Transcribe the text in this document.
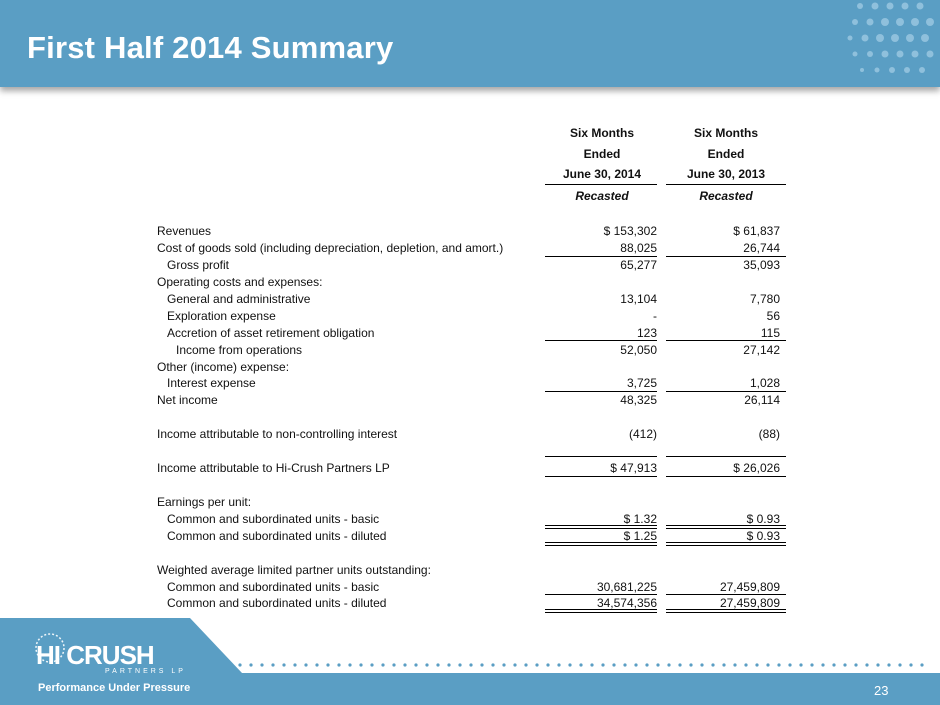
First Half 2014 Summary
Six Months
Ended
June 30, 2014
Recasted
Six Months
Ended
June 30, 2013
Recasted
Revenues	$ 153,302	$ 61,837
Cost of goods sold (including depreciation, depletion, and amort.)	88,025	26,744
Gross profit	65,277	35,093
Operating costs and expenses:
General and administrative	13,104	7,780
Exploration expense	-	56
Accretion of asset retirement obligation	123	115
Income from operations	52,050	27,142
Other (income) expense:
Interest expense	3,725	1,028
Net income	48,325	26,114
Income attributable to non-controlling interest	(412)	(88)
Income attributable to Hi-Crush Partners LP	$ 47,913	$ 26,026
Earnings per unit:
Common and subordinated units - basic	$ 1.32	$ 0.93
Common and subordinated units - diluted	$ 1.25	$ 0.93
Weighted average limited partner units outstanding:
Common and subordinated units - basic	30,681,225	27,459,809
Common and subordinated units - diluted	34,574,356	27,459,809
HI CRUSH
PARTNERS LP
Performance Under Pressure	23
